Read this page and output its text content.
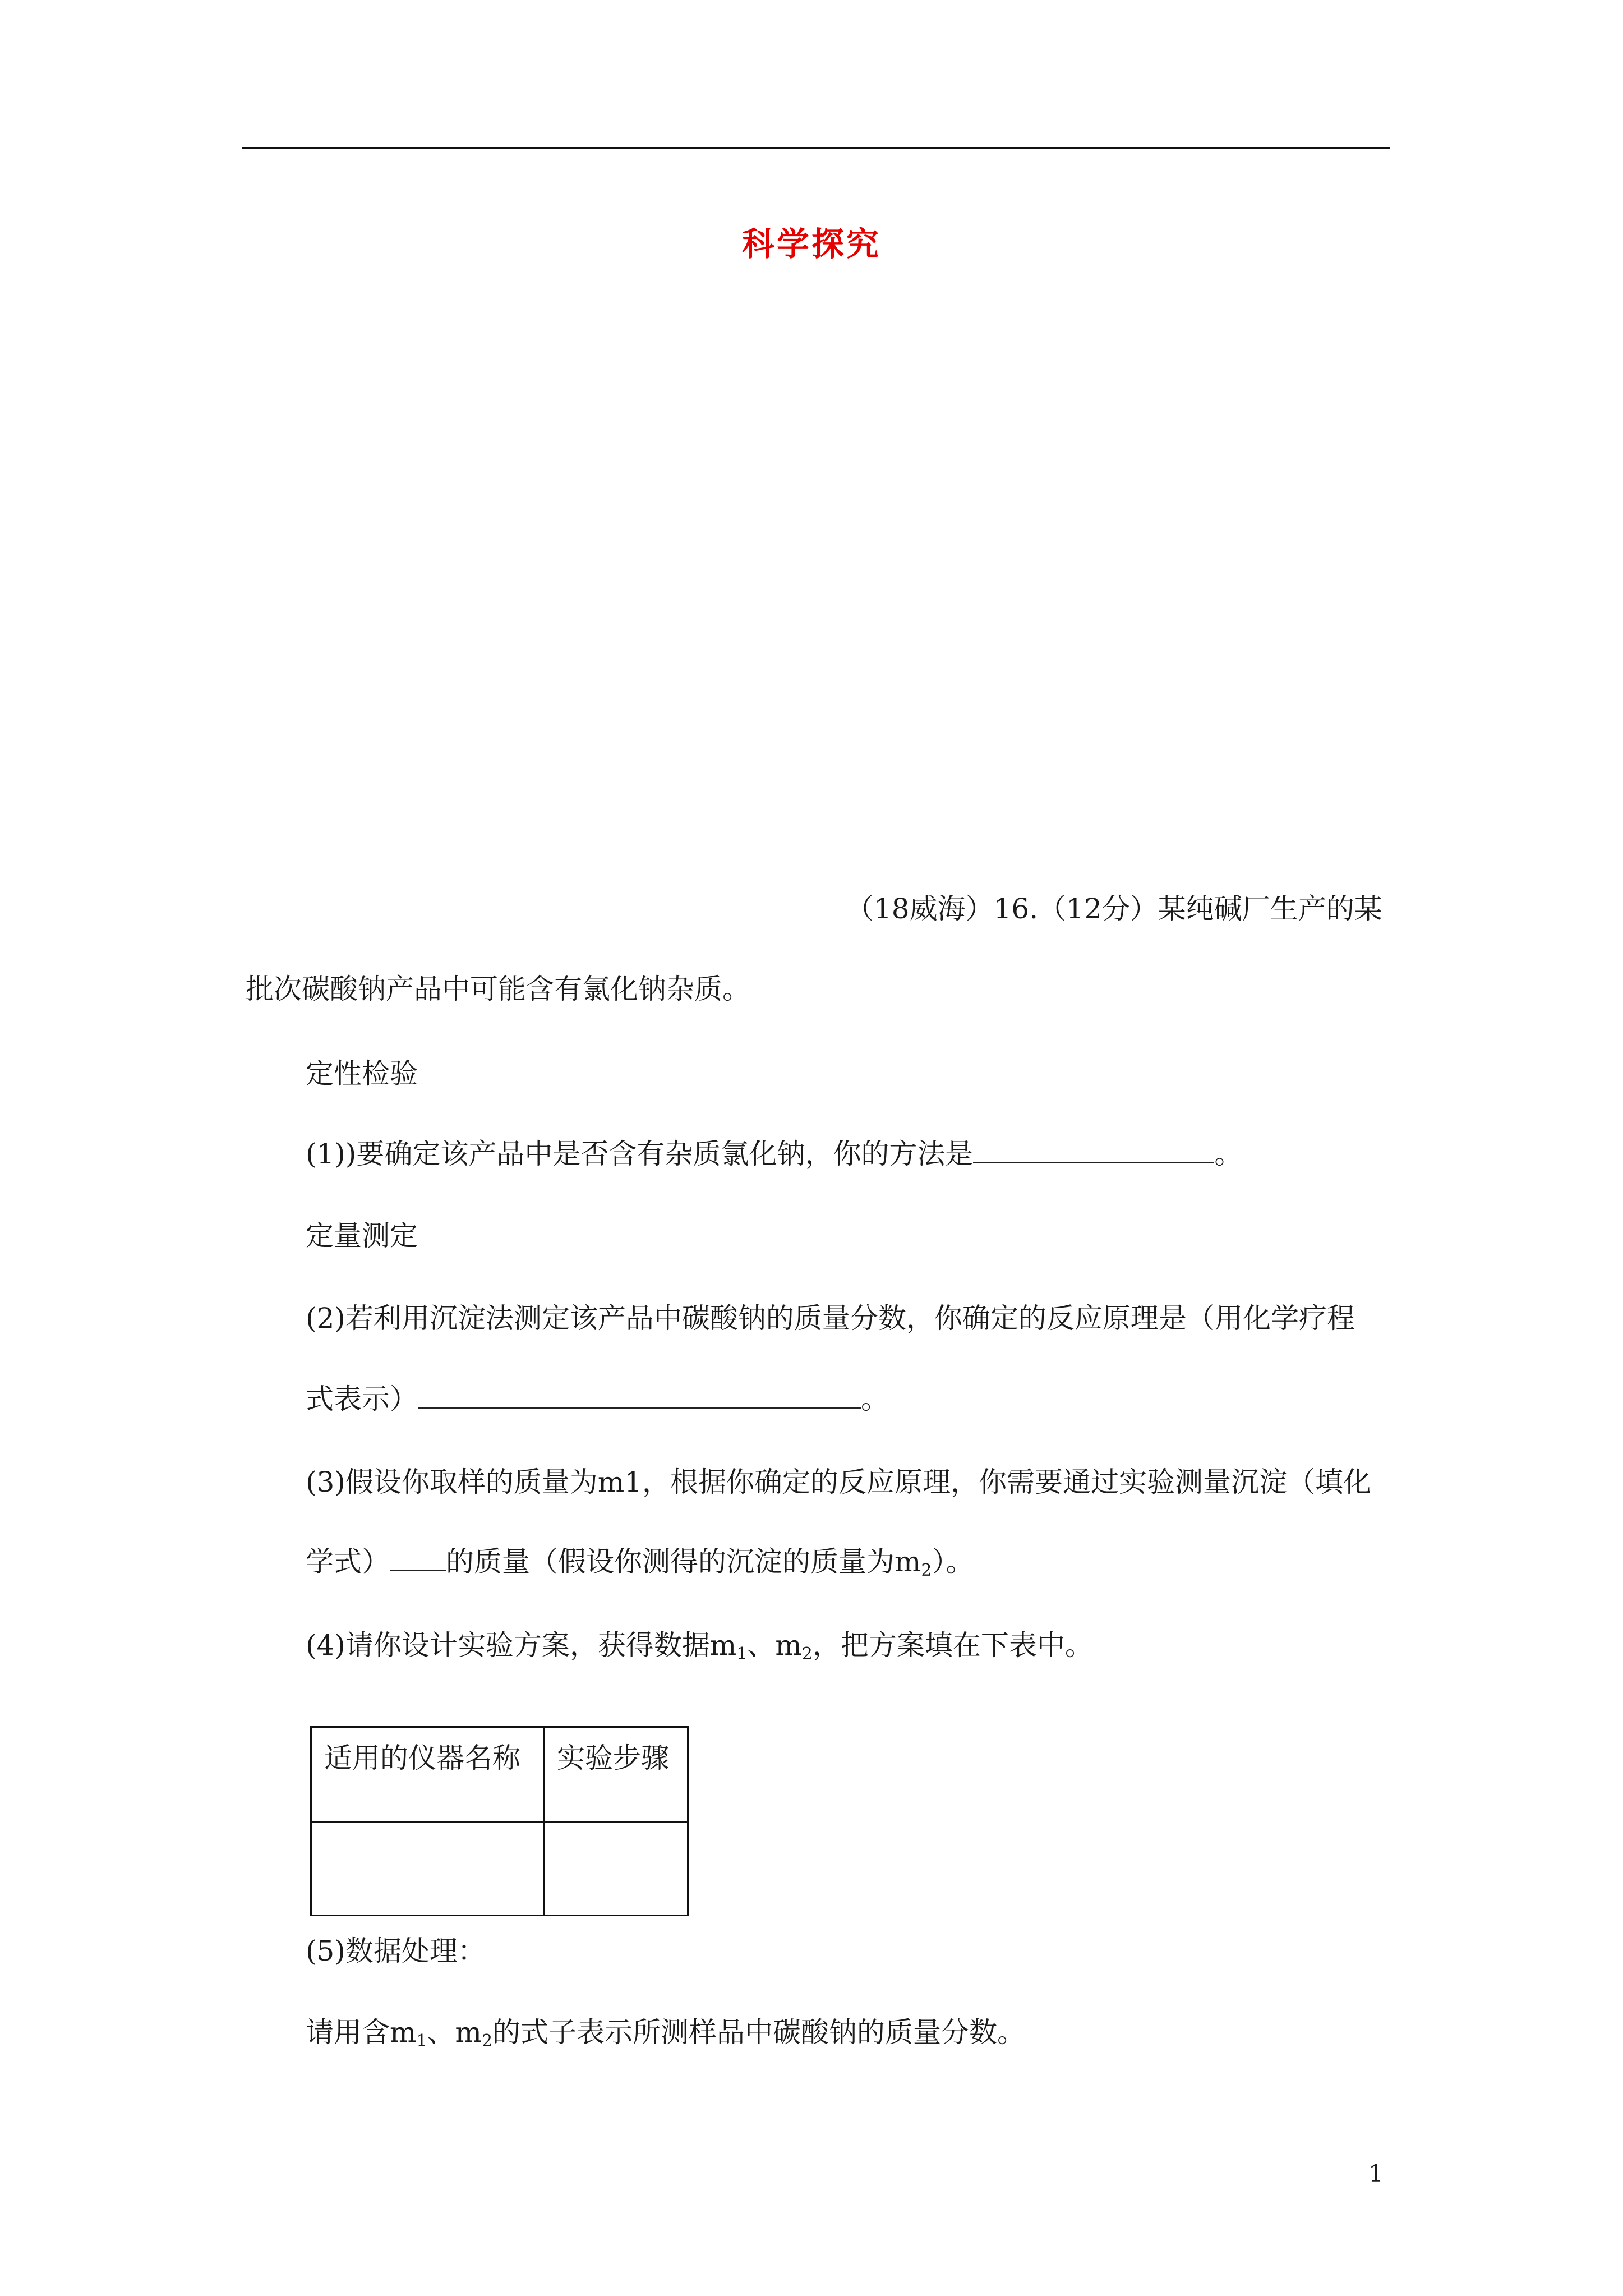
科学探究
（18威海）16.（12分）某纯碱厂生产的某
批次碳酸钠产品中可能含有氯化钠杂质。
定性检验
(1))要确定该产品中是否含有杂质氯化钠，你的方法是	。
定量测定
(2)若利用沉淀法测定该产品中碳酸钠的质量分数，你确定的反应原理是（用化学疗程
式表示）	。
(3)假设你取样的质量为m1，根据你确定的反应原理，你需要通过实验测量沉淀（填化
学式） 的质量（假设你测得的沉淀的质量为$m_2$）。
(4)请你设计实验方案，获得数据$m_1$、$m_2$，把方案填在下表中。
适用的仪器名称	实验步骤

(5)数据处理：
请用含$m_1$、$m_2$的式子表示所测样品中碳酸钠的质量分数。
1
